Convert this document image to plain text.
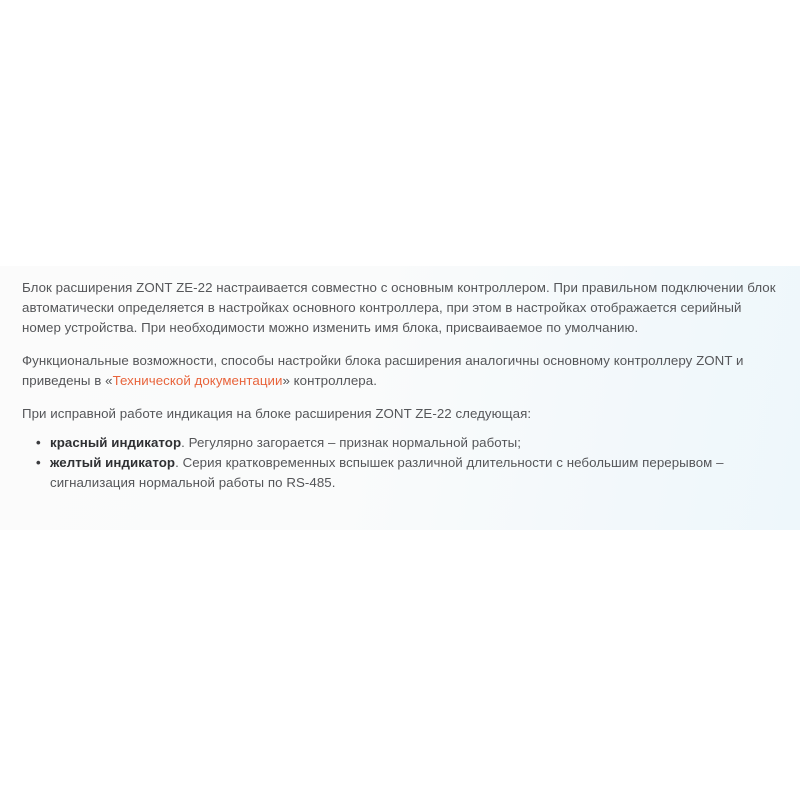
Блок расширения ZONT ZE-22 настраивается совместно с основным контроллером. При правильном подключении блок автоматически определяется в настройках основного контроллера, при этом в настройках отображается серийный номер устройства. При необходимости можно изменить имя блока, присваиваемое по умолчанию.

Функциональные возможности, способы настройки блока расширения аналогичны основному контроллеру ZONT и приведены в «Технической документации» контроллера.

При исправной работе индикация на блоке расширения ZONT ZE-22 следующая:

• красный индикатор. Регулярно загорается – признак нормальной работы;
• желтый индикатор. Серия кратковременных вспышек различной длительности с небольшим перерывом – сигнализация нормальной работы по RS-485.
